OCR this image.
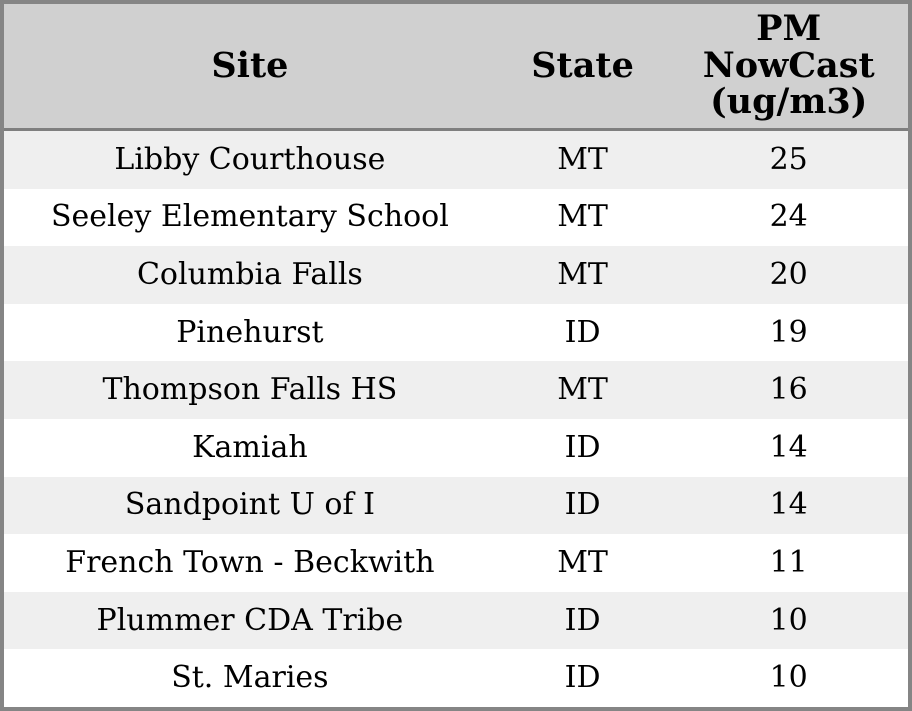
Site	State	PM
NowCast
(ug/m3)
Libby Courthouse	MT	25
Seeley Elementary School	MT	24
Columbia Falls	MT	20
Pinehurst	ID	19
Thompson Falls HS	MT	16
Kamiah	ID	14
Sandpoint U of I	ID	14
French Town - Beckwith	MT	11
Plummer CDA Tribe	ID	10
St. Maries	ID	10
